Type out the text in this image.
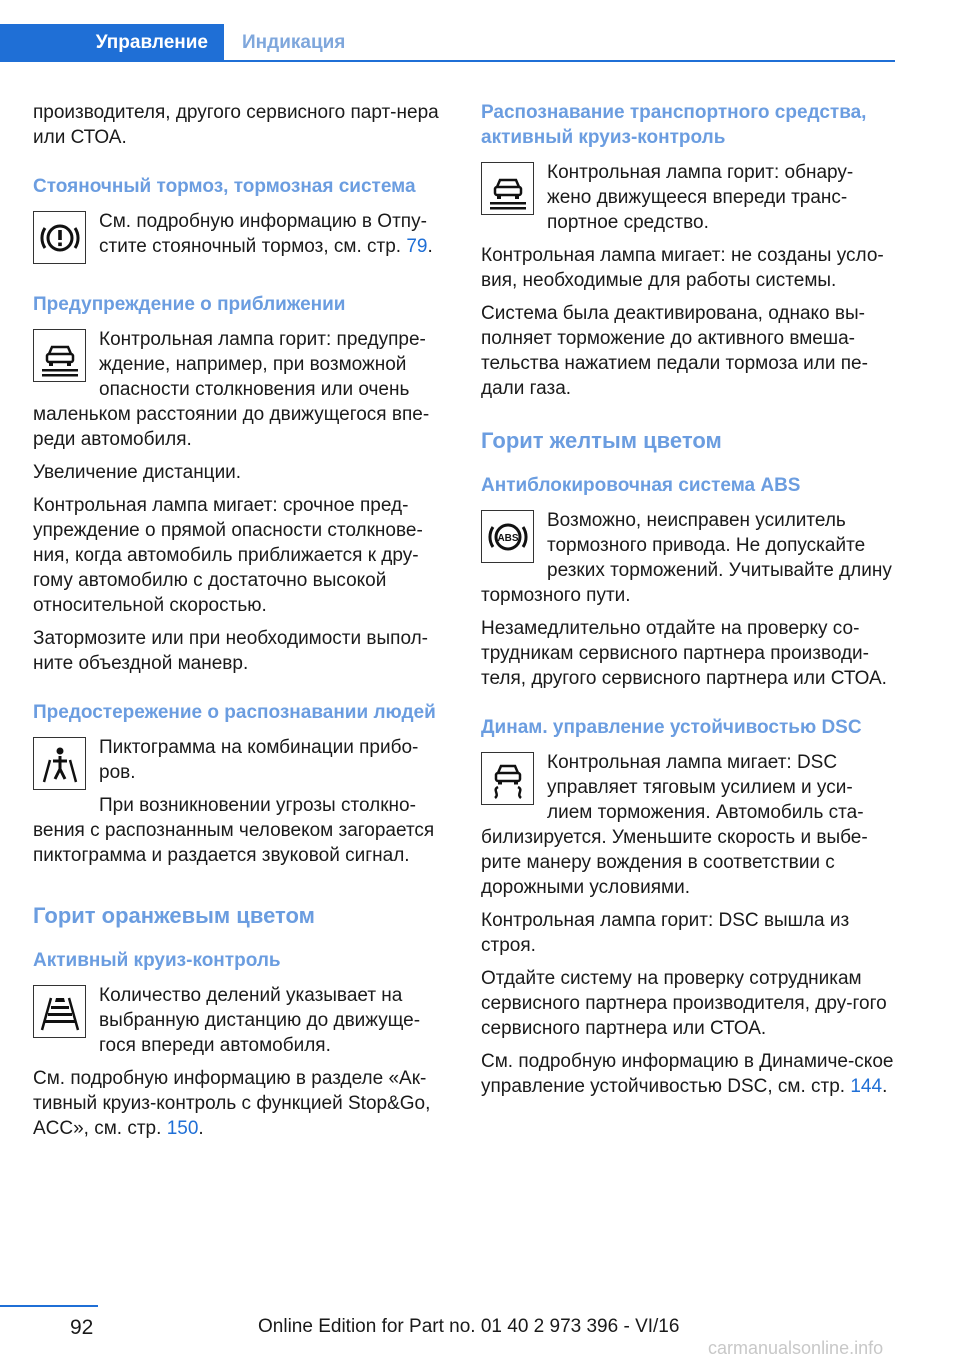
Управление	Индикация

производителя, другого сервисного парт-нера или СТОА.

Стояночный тормоз, тормозная система

См. подробную информацию в Отпу-стите стояночный тормоз, см. стр. 79.

Предупреждение о приближении

Контрольная лампа горит: предупре-ждение, например, при возможной опасности столкновения или очень маленьком расстоянии до движущегося впе-реди автомобиля.

Увеличение дистанции.

Контрольная лампа мигает: срочное пред-упреждение о прямой опасности столкнове-ния, когда автомобиль приближается к дру-гому автомобилю с достаточно высокой относительной скоростью.

Затормозите или при необходимости выпол-ните объездной маневр.

Предостережение о распознавании людей

Пиктограмма на комбинации прибо-ров.

При возникновении угрозы столкно-вения с распознанным человеком загорается пиктограмма и раздается звуковой сигнал.

Горит оранжевым цветом
Активный круиз-контроль

Количество делений указывает на выбранную дистанцию до движуще-гося впереди автомобиля.

См. подробную информацию в разделе «Ак-тивный круиз-контроль с функцией Stop&Go, ACC», см. стр. 150.

Распознавание транспортного средства, активный круиз-контроль

Контрольная лампа горит: обнару-жено движущееся впереди транс-портное средство.

Контрольная лампа мигает: не созданы усло-вия, необходимые для работы системы.

Система была деактивирована, однако вы-полняет торможение до активного вмеша-тельства нажатием педали тормоза или пе-дали газа.

Горит желтым цветом
Антиблокировочная система ABS
ABS

Возможно, неисправен усилитель тормозного привода. Не допускайте резких торможений. Учитывайте длину тормозного пути.

Незамедлительно отдайте на проверку со-трудникам сервисного партнера производи-теля, другого сервисного партнера или СТОА.

Динам. управление устойчивостью DSC

Контрольная лампа мигает: DSC управляет тяговым усилием и уси-лием торможения. Автомобиль ста-билизируется. Уменьшите скорость и выбе-рите манеру вождения в соответствии с дорожными условиями.

Контрольная лампа горит: DSC вышла из строя.

Отдайте систему на проверку сотрудникам сервисного партнера производителя, дру-гого сервисного партнера или СТОА.

См. подробную информацию в Динамиче-ское управление устойчивостью DSC, см. стр. 144.

92	Online Edition for Part no. 01 40 2 973 396 - VI/16
carmanualsonline.info
